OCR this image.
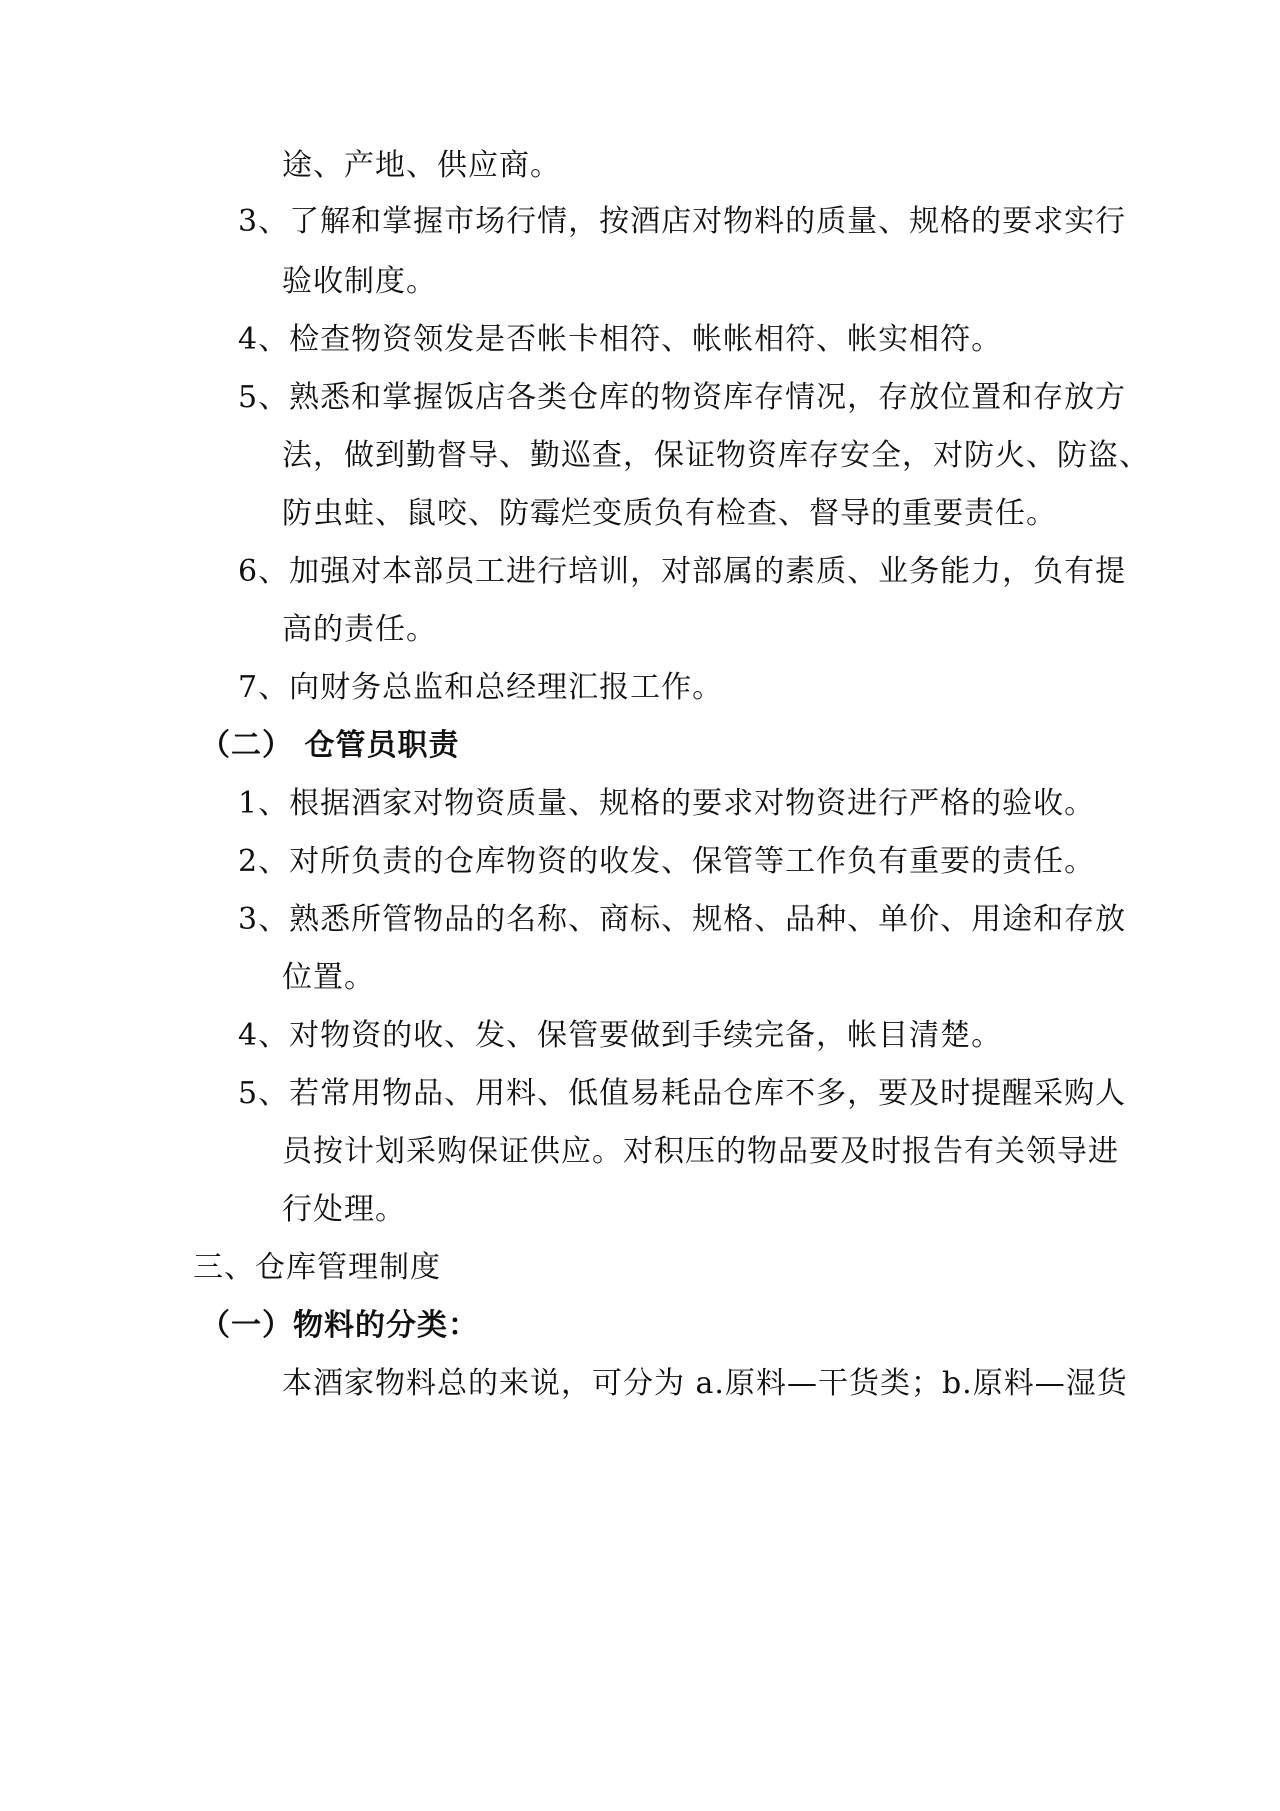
途、产地、供应商。
3、了解和掌握市场行情，按酒店对物料的质量、规格的要求实行
验收制度。
4、检查物资领发是否帐卡相符、帐帐相符、帐实相符。
5、熟悉和掌握饭店各类仓库的物资库存情况，存放位置和存放方
法，做到勤督导、勤巡查，保证物资库存安全，对防火、防盗、
防虫蛀、鼠咬、防霉烂变质负有检查、督导的重要责任。
6、加强对本部员工进行培训，对部属的素质、业务能力，负有提
高的责任。
7、向财务总监和总经理汇报工作。
（二） 仓管员职责
1、根据酒家对物资质量、规格的要求对物资进行严格的验收。
2、对所负责的仓库物资的收发、保管等工作负有重要的责任。
3、熟悉所管物品的名称、商标、规格、品种、单价、用途和存放
位置。
4、对物资的收、发、保管要做到手续完备，帐目清楚。
5、若常用物品、用料、低值易耗品仓库不多，要及时提醒采购人
员按计划采购保证供应。对积压的物品要及时报告有关领导进
行处理。
三、仓库管理制度
（一）物料的分类：
本酒家物料总的来说，可分为 a.原料—干货类；b.原料—湿货
